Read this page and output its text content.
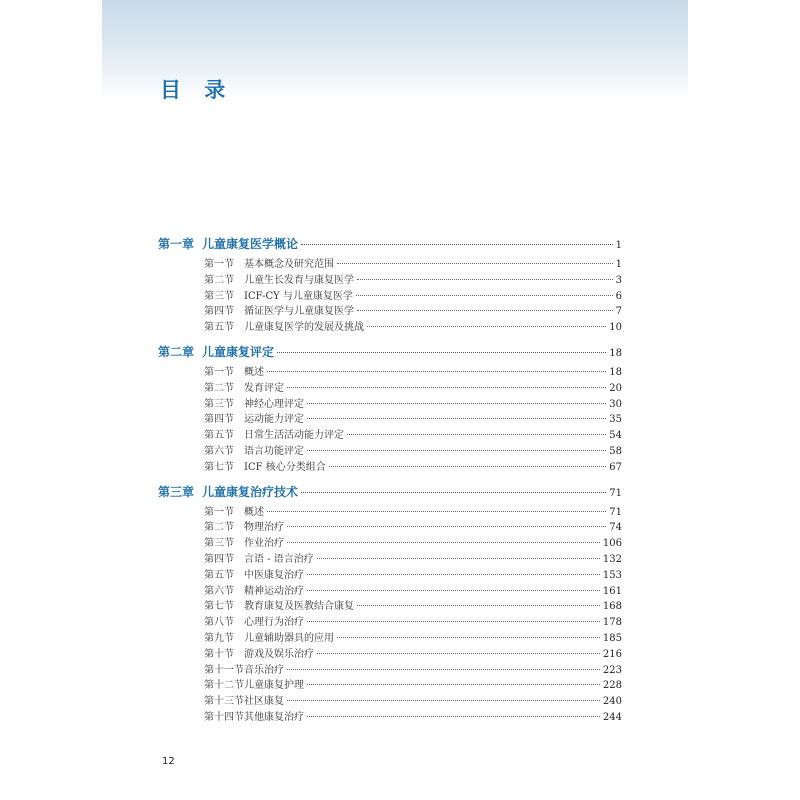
目 录
第一章 儿童康复医学概论	1
第一节	基本概念及研究范围	1
第二节	儿童生长发育与康复医学	3
第三节	ICF-CY 与儿童康复医学	6
第四节	循证医学与儿童康复医学	7
第五节	儿童康复医学的发展及挑战	10
第二章 儿童康复评定	18
第一节	概述	18
第二节	发育评定	20
第三节	神经心理评定	30
第四节	运动能力评定	35
第五节	日常生活活动能力评定	54
第六节	语言功能评定	58
第七节	ICF 核心分类组合	67
第三章 儿童康复治疗技术	71
第一节	概述	71
第二节	物理治疗	74
第三节	作业治疗	106
第四节	言语 - 语言治疗	132
第五节	中医康复治疗	153
第六节	精神运动治疗	161
第七节	教育康复及医教结合康复	168
第八节	心理行为治疗	178
第九节	儿童辅助器具的应用	185
第十节	游戏及娱乐治疗	216
第十一节 音乐治疗	223
第十二节 儿童康复护理	228
第十三节 社区康复	240
第十四节 其他康复治疗	244
12
